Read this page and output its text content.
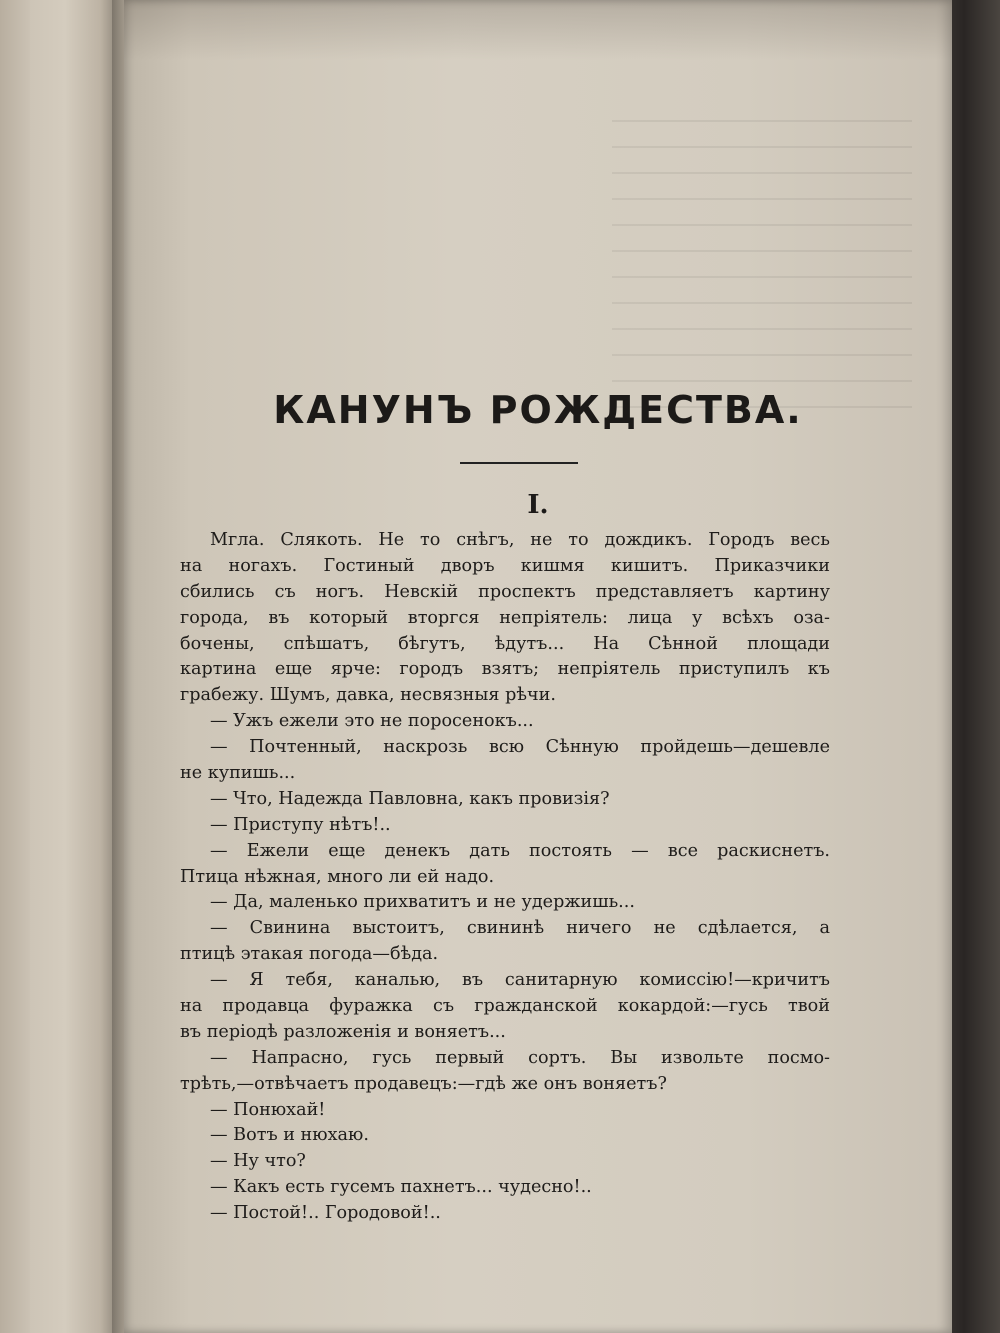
КАНУНЪ РОЖДЕСТВА.
I.
Мгла. Слякоть. Не то снѣгъ, не то дождикъ. Городъ весь
на ногахъ. Гостиный дворъ кишмя кишитъ. Приказчики
сбились съ ногъ. Невскій проспектъ представляетъ картину
города, въ который вторгся непріятель: лица у всѣхъ оза-
бочены, спѣшатъ, бѣгутъ, ѣдутъ... На Сѣнной площади
картина еще ярче: городъ взятъ; непріятель приступилъ къ
грабежу. Шумъ, давка, несвязныя рѣчи.
— Ужъ ежели это не поросенокъ...
— Почтенный, наскрозь всю Сѣнную пройдешь—дешевле
не купишь...
— Что, Надежда Павловна, какъ провизія?
— Приступу нѣтъ!..
— Ежели еще денекъ дать постоять — все раскиснетъ.
Птица нѣжная, много ли ей надо.
— Да, маленько прихватитъ и не удержишь...
— Свинина выстоитъ, свининѣ ничего не сдѣлается, а
птицѣ этакая погода—бѣда.
— Я тебя, каналью, въ санитарную комиссію!—кричитъ
на продавца фуражка съ гражданской кокардой:—гусь твой
въ періодѣ разложенія и воняетъ...
— Напрасно, гусь первый сортъ. Вы извольте посмо-
трѣть,—отвѣчаетъ продавецъ:—гдѣ же онъ воняетъ?
— Понюхай!
— Вотъ и нюхаю.
— Ну что?
— Какъ есть гусемъ пахнетъ... чудесно!..
— Постой!.. Городовой!..
